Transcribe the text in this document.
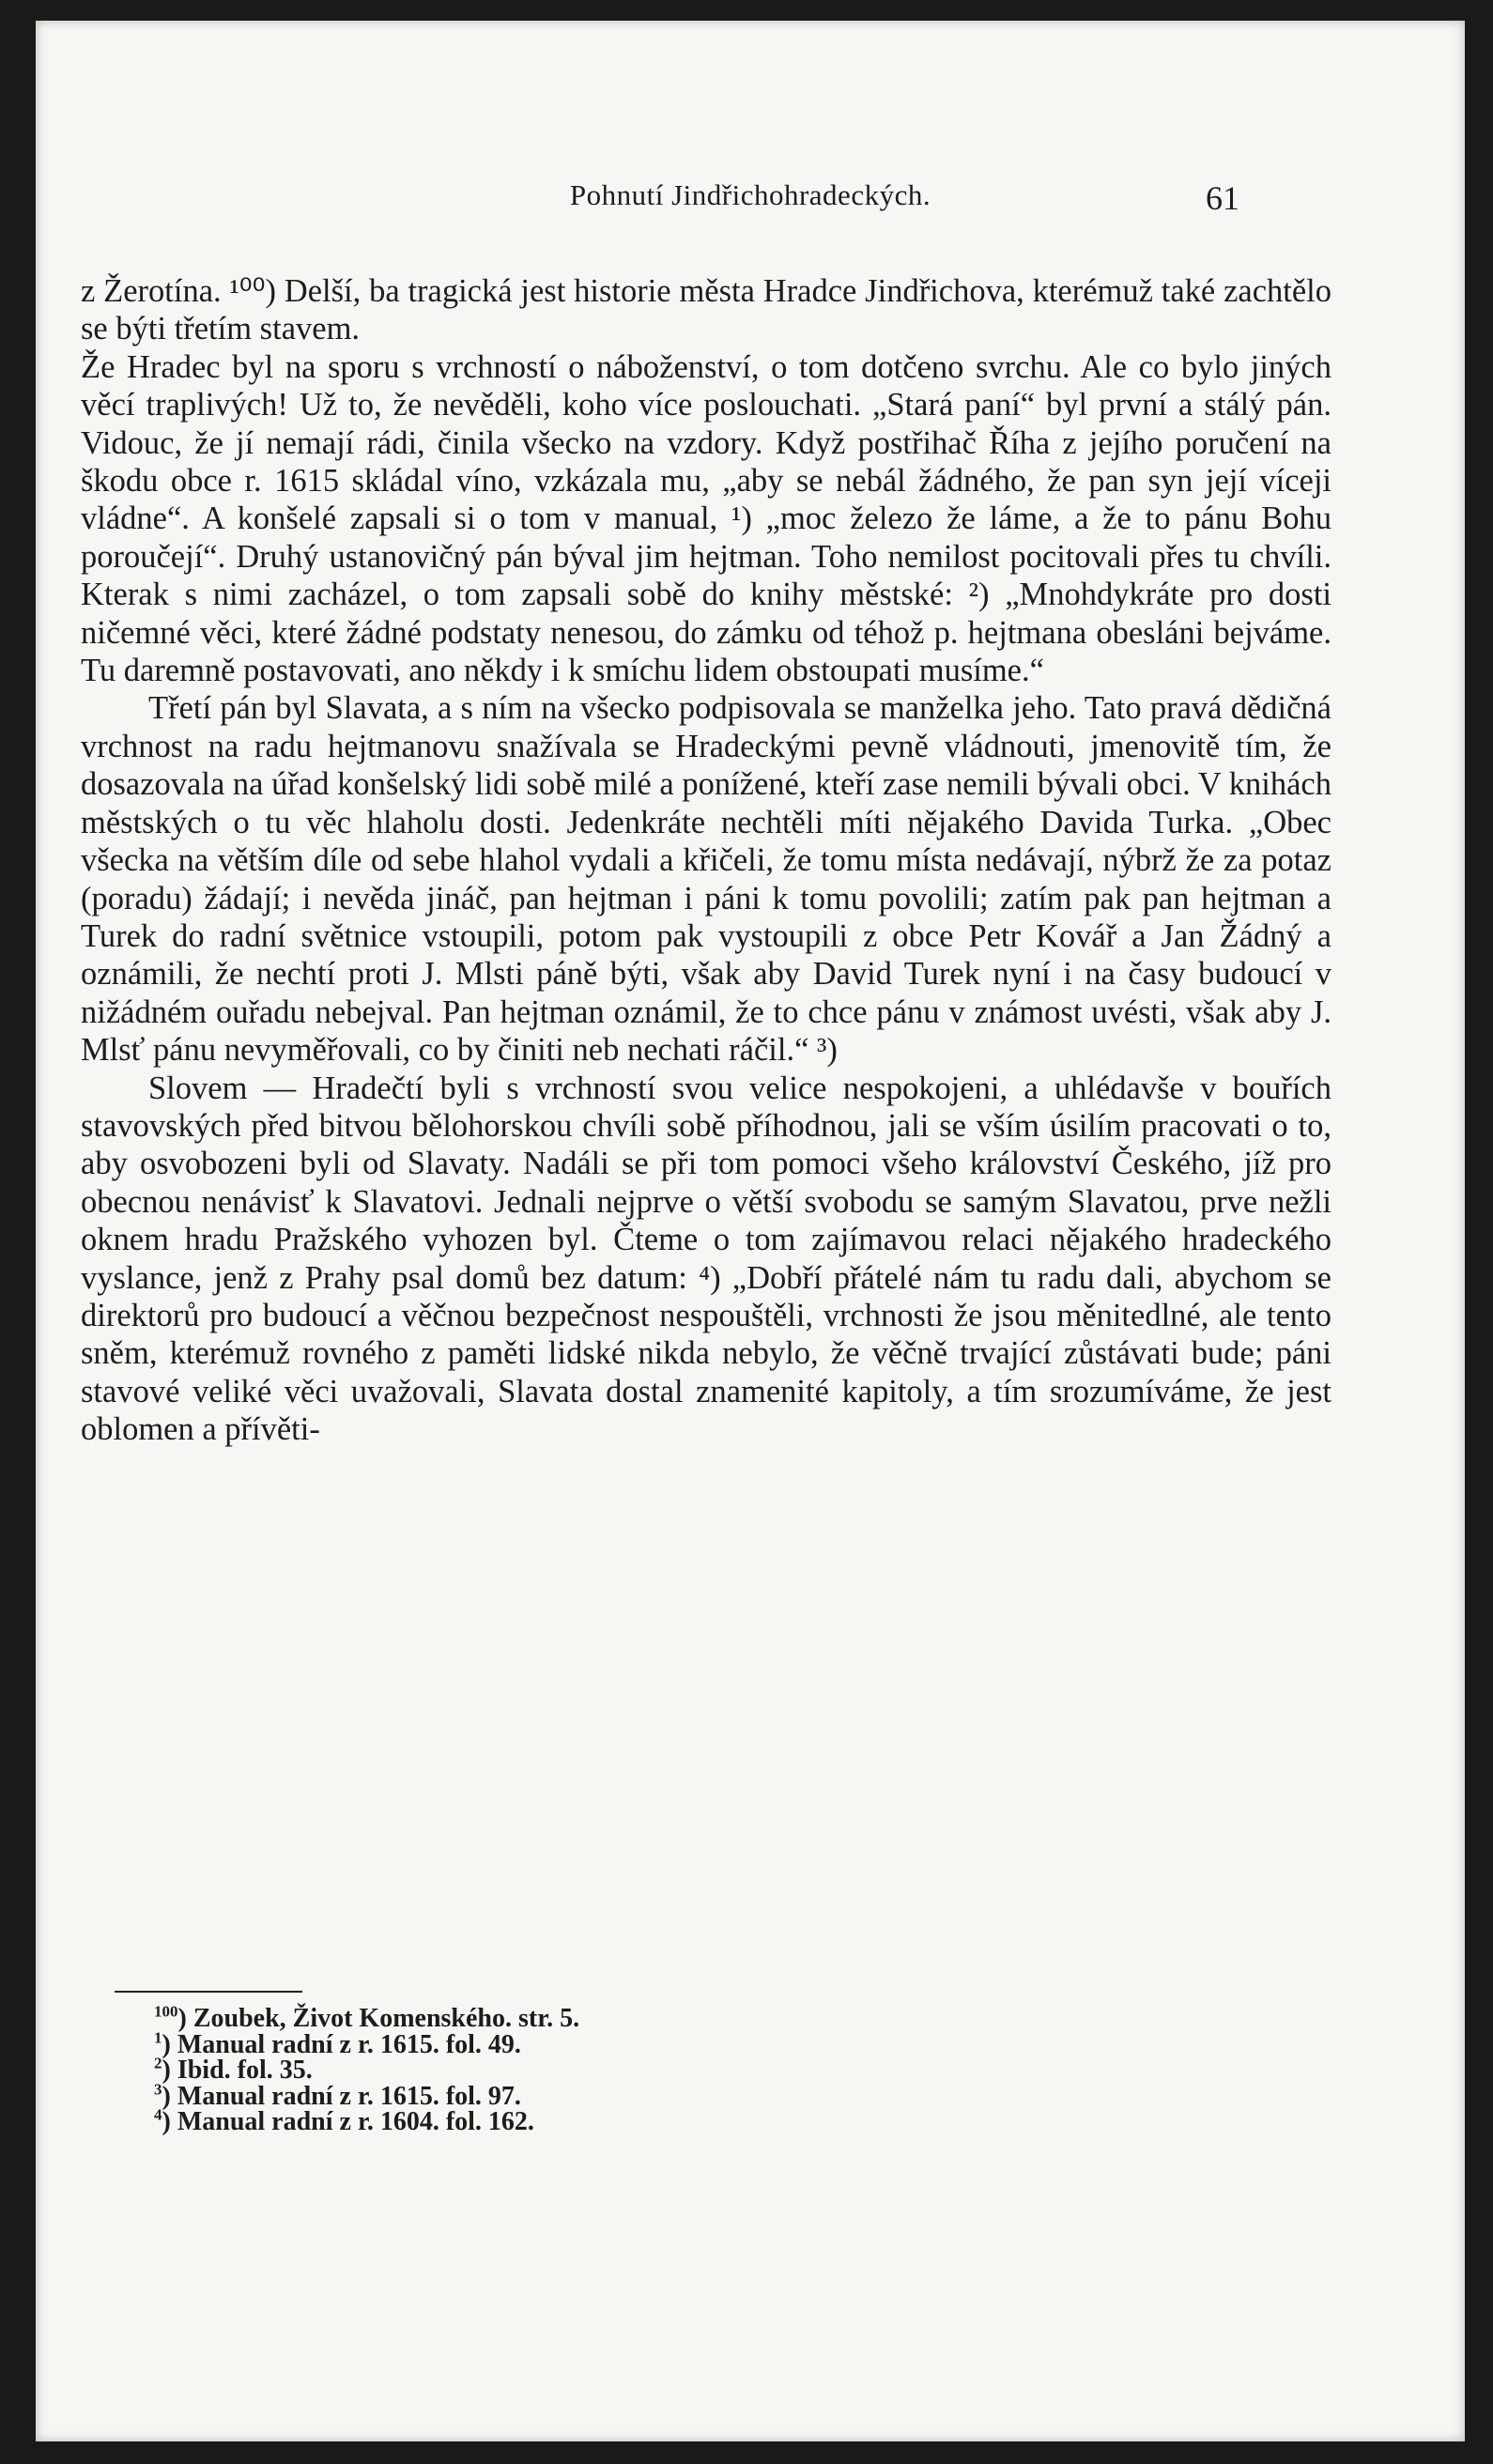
Pohnutí Jindřichohradeckých.	61

z Žerotína. ¹⁰⁰) Delší, ba tragická jest historie města Hradce Jindřichova, kterémuž také zachtělo se býti třetím stavem.

Že Hradec byl na sporu s vrchností o náboženství, o tom dotčeno svrchu. Ale co bylo jiných věcí traplivých! Už to, že nevěděli, koho více poslouchati. „Stará paní“ byl první a stálý pán. Vidouc, že jí nemají rádi, činila všecko na vzdory. Když postřihač Říha z jejího poručení na škodu obce r. 1615 skládal víno, vzkázala mu, „aby se nebál žádného, že pan syn její víceji vládne“. A konšelé zapsali si o tom v manual, ¹) „moc železo že láme, a že to pánu Bohu poroučejí“. Druhý ustanovičný pán býval jim hejtman. Toho nemilost pocitovali přes tu chvíli. Kterak s nimi zacházel, o tom zapsali sobě do knihy městské: ²) „Mnohdykráte pro dosti ničemné věci, které žádné podstaty nenesou, do zámku od téhož p. hejtmana obesláni bejváme. Tu daremně postavovati, ano někdy i k smíchu lidem obstoupati musíme.“

Třetí pán byl Slavata, a s ním na všecko podpisovala se manželka jeho. Tato pravá dědičná vrchnost na radu hejtmanovu snažívala se Hradeckými pevně vládnouti, jmenovitě tím, že dosazovala na úřad konšelský lidi sobě milé a ponížené, kteří zase nemili bývali obci. V knihách městských o tu věc hlaholu dosti. Jedenkráte nechtěli míti nějakého Davida Turka. „Obec všecka na větším díle od sebe hlahol vydali a křičeli, že tomu místa nedávají, nýbrž že za potaz (poradu) žádají; i nevěda jináč, pan hejtman i páni k tomu povolili; zatím pak pan hejtman a Turek do radní světnice vstoupili, potom pak vystoupili z obce Petr Kovář a Jan Žádný a oznámili, že nechtí proti J. Mlsti páně býti, však aby David Turek nyní i na časy budoucí v nižádném ouřadu nebejval. Pan hejtman oznámil, že to chce pánu v známost uvésti, však aby J. Mlsť pánu nevyměřovali, co by činiti neb nechati ráčil.“ ³)

Slovem — Hradečtí byli s vrchností svou velice nespokojeni, a uhlédavše v bouřích stavovských před bitvou bělohorskou chvíli sobě příhodnou, jali se vším úsilím pracovati o to, aby osvobozeni byli od Slavaty. Nadáli se při tom pomoci všeho království Českého, jíž pro obecnou nenávisť k Slavatovi. Jednali nejprve o větší svobodu se samým Slavatou, prve nežli oknem hradu Pražského vyhozen byl. Čteme o tom zajímavou relaci nějakého hradeckého vyslance, jenž z Prahy psal domů bez datum: ⁴) „Dobří přátelé nám tu radu dali, abychom se direktorů pro budoucí a věčnou bezpečnost nespouštěli, vrchnosti že jsou měnitedlné, ale tento sněm, kterémuž rovného z paměti lidské nikda nebylo, že věčně trvající zůstávati bude; páni stavové veliké věci uvažovali, Slavata dostal znamenité kapitoly, a tím srozumíváme, že jest oblomen a přívěti-

$^{100}$) Zoubek, Život Komenského. str. 5.
$^1$) Manual radní z r. 1615. fol. 49.
$^2$) Ibid. fol. 35.
$^3$) Manual radní z r. 1615. fol. 97.
$^4$) Manual radní z r. 1604. fol. 162.
